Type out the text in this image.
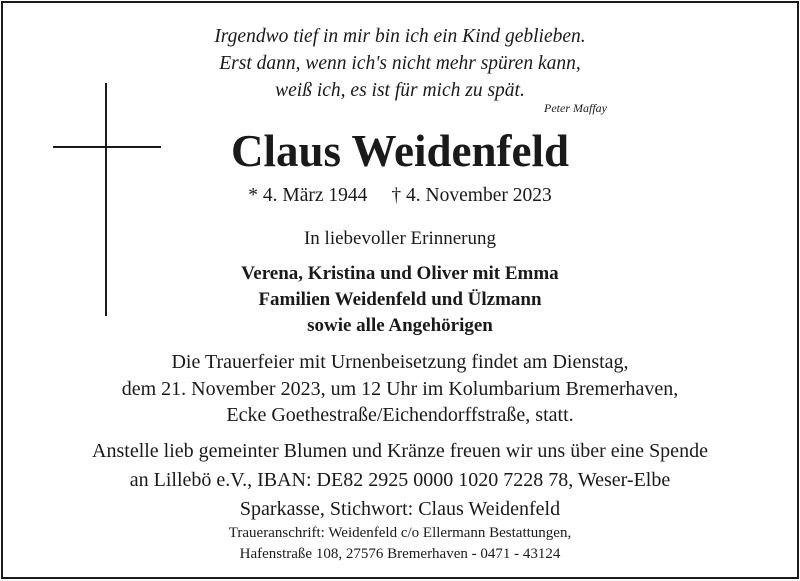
Irgendwo tief in mir bin ich ein Kind geblieben.
Erst dann, wenn ich's nicht mehr spüren kann,
weiß ich, es ist für mich zu spät.
Peter Maffay
Claus Weidenfeld
* 4. März 1944 † 4. November 2023
In liebevoller Erinnerung
Verena, Kristina und Oliver mit Emma
Familien Weidenfeld und Ülzmann
sowie alle Angehörigen
Die Trauerfeier mit Urnenbeisetzung findet am Dienstag,
dem 21. November 2023, um 12 Uhr im Kolumbarium Bremerhaven,
Ecke Goethestraße/Eichendorffstraße, statt.
Anstelle lieb gemeinter Blumen und Kränze freuen wir uns über eine Spende
an Lillebö e.V., IBAN: DE82 2925 0000 1020 7228 78, Weser-Elbe
Sparkasse, Stichwort: Claus Weidenfeld
Traueranschrift: Weidenfeld c/o Ellermann Bestattungen,
Hafenstraße 108, 27576 Bremerhaven - 0471 - 43124
